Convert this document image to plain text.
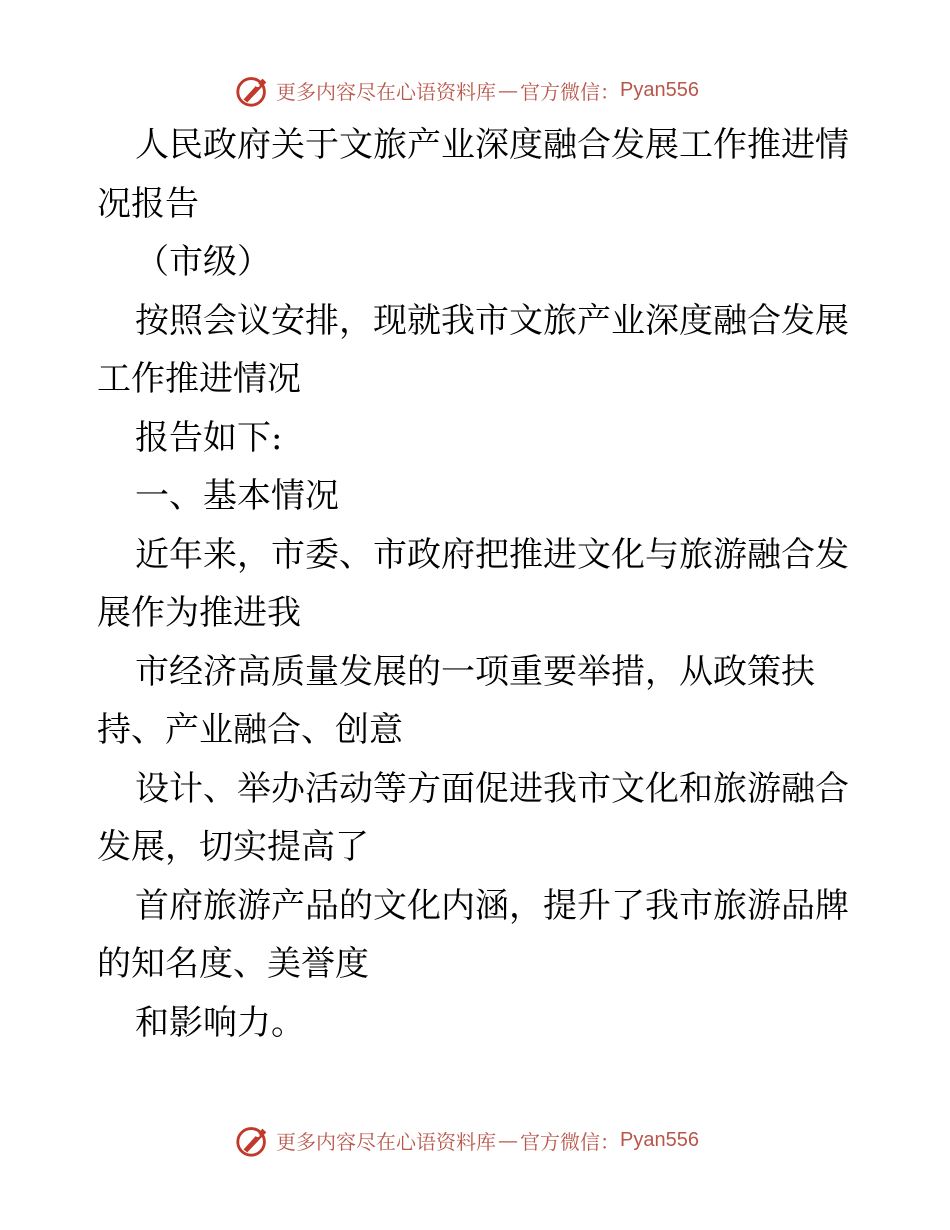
更多内容尽在心语资料库 — 官方微信： Pyan556
人民政府关于文旅产业深度融合发展工作推进情
况报告
（市级）
按照会议安排，现就我市文旅产业深度融合发展
工作推进情况
报告如下:
一、基本情况
近年来，市委、市政府把推进文化与旅游融合发
展作为推进我
市经济高质量发展的一项重要举措，从政策扶
持、产业融合、创意
设计、举办活动等方面促进我市文化和旅游融合
发展，切实提高了
首府旅游产品的文化内涵，提升了我市旅游品牌
的知名度、美誉度
和影响力。
更多内容尽在心语资料库 — 官方微信： Pyan556
